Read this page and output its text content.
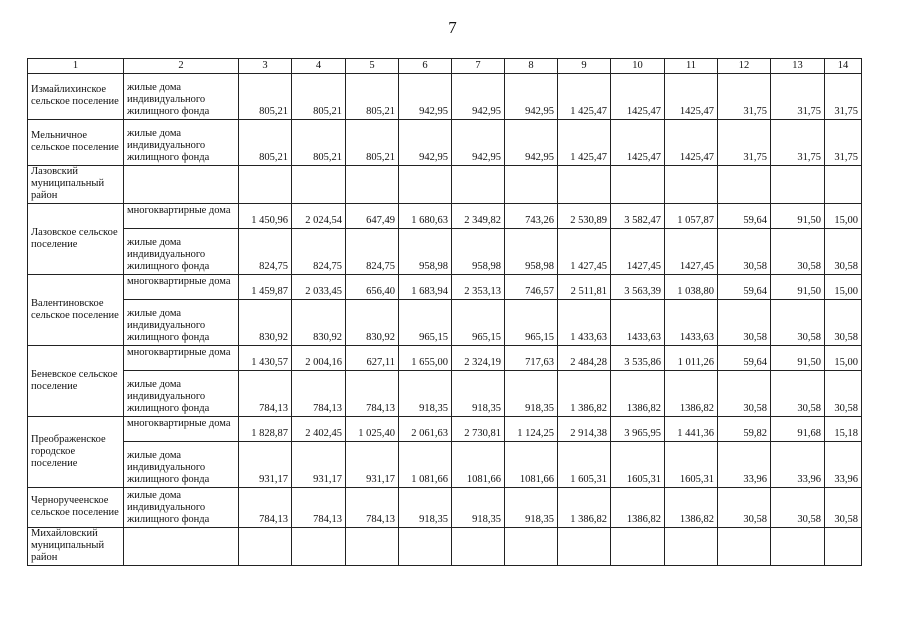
7
1	2	3	4	5	6	7	8	9	10	11	12	13	14
Измайлихинское сельское поселение	жилые дома индивидуального жилищного фонда	805,21	805,21	805,21	942,95	942,95	942,95	1 425,47	1425,47	1425,47	31,75	31,75	31,75
Мельничное сельское поселение	жилые дома индивидуального жилищного фонда	805,21	805,21	805,21	942,95	942,95	942,95	1 425,47	1425,47	1425,47	31,75	31,75	31,75
Лазовский муниципальный район													
Лазовское сельское поселение	многоквартирные дома	1 450,96	2 024,54	647,49	1 680,63	2 349,82	743,26	2 530,89	3 582,47	1 057,87	59,64	91,50	15,00
	жилые дома индивидуального жилищного фонда	824,75	824,75	824,75	958,98	958,98	958,98	1 427,45	1427,45	1427,45	30,58	30,58	30,58
Валентиновское сельское поселение	многоквартирные дома	1 459,87	2 033,45	656,40	1 683,94	2 353,13	746,57	2 511,81	3 563,39	1 038,80	59,64	91,50	15,00
	жилые дома индивидуального жилищного фонда	830,92	830,92	830,92	965,15	965,15	965,15	1 433,63	1433,63	1433,63	30,58	30,58	30,58
Беневское сельское поселение	многоквартирные дома	1 430,57	2 004,16	627,11	1 655,00	2 324,19	717,63	2 484,28	3 535,86	1 011,26	59,64	91,50	15,00
	жилые дома индивидуального жилищного фонда	784,13	784,13	784,13	918,35	918,35	918,35	1 386,82	1386,82	1386,82	30,58	30,58	30,58
Преображенское городское поселение	многоквартирные дома	1 828,87	2 402,45	1 025,40	2 061,63	2 730,81	1 124,25	2 914,38	3 965,95	1 441,36	59,82	91,68	15,18
	жилые дома индивидуального жилищного фонда	931,17	931,17	931,17	1 081,66	1081,66	1081,66	1 605,31	1605,31	1605,31	33,96	33,96	33,96
Черноручеенское сельское поселение	жилые дома индивидуального жилищного фонда	784,13	784,13	784,13	918,35	918,35	918,35	1 386,82	1386,82	1386,82	30,58	30,58	30,58
Михайловский муниципальный район													
